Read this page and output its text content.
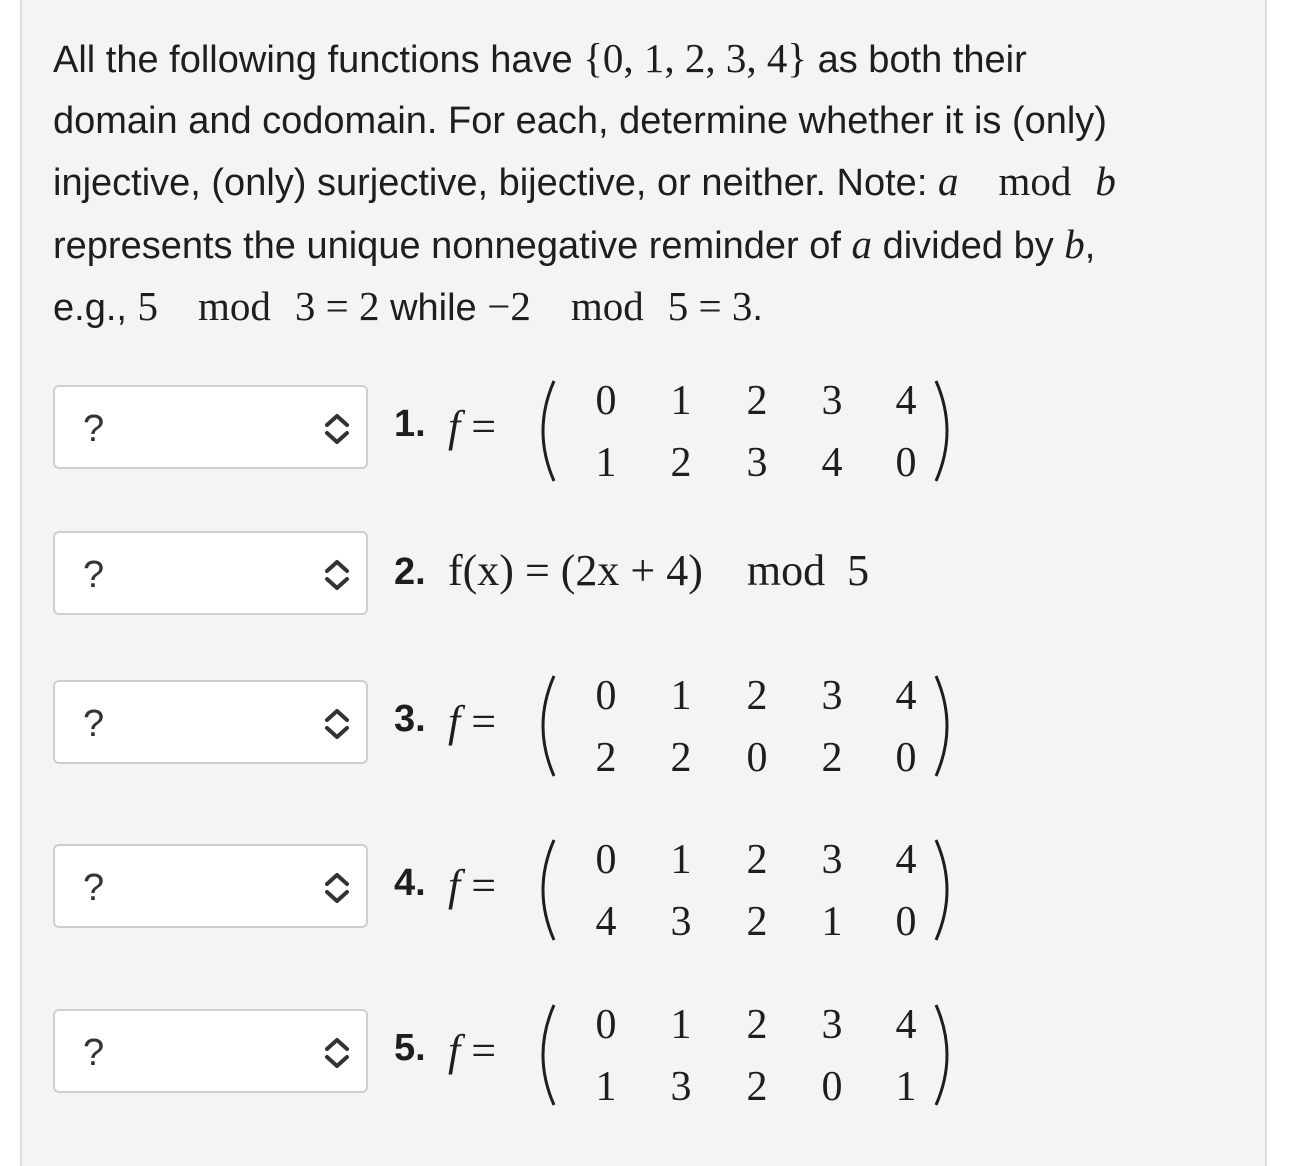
All the following functions have {0, 1, 2, 3, 4} as both their
domain and codomain. For each, determine whether it is (only)
injective, (only) surjective, bijective, or neither. Note: a mod b
represents the unique nonnegative reminder of a divided by b,
e.g., 5 mod 3 = 2 while −2 mod 5 = 3.
?	1. f =
0 1 2 3 4
1 2 3 4 0
?	2. f(x) = (2x + 4) mod 5
?	3. f =
0 1 2 3 4
2 2 0 2 0
?	4. f =
0 1 2 3 4
4 3 2 1 0
?	5. f =
0 1 2 3 4
1 3 2 0 1
